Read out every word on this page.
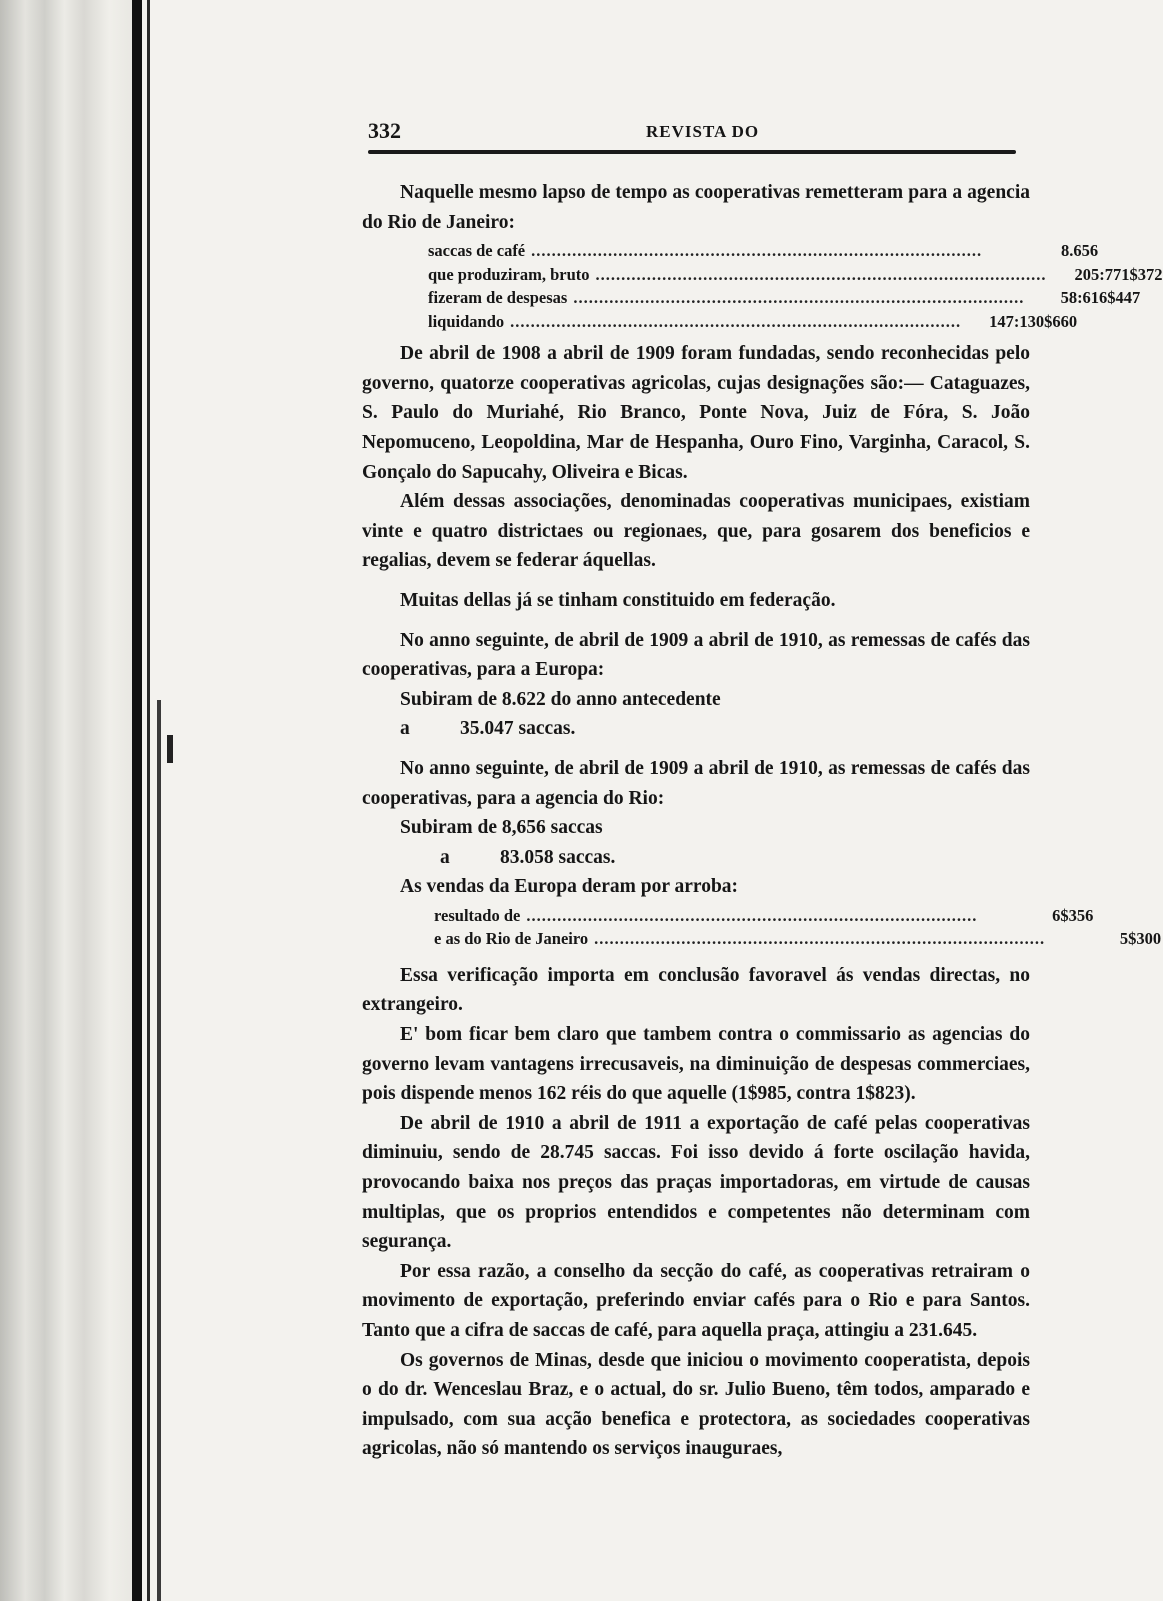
332	REVISTA DO

Naquelle mesmo lapso de tempo as cooperativas remetteram para a agencia do Rio de Janeiro:

saccas de café ........................................................................................	8.656
que produziram, bruto ........................................................................................	205:771$372
fizeram de despesas ........................................................................................	58:616$447
liquidando ........................................................................................	147:130$660

De abril de 1908 a abril de 1909 foram fundadas, sendo reconhecidas pelo governo, quatorze cooperativas agricolas, cujas designações são:— Cataguazes, S. Paulo do Muriahé, Rio Branco, Ponte Nova, Juiz de Fóra, S. João Nepomuceno, Leopoldina, Mar de Hespanha, Ouro Fino, Varginha, Caracol, S. Gonçalo do Sapucahy, Oliveira e Bicas.

Além dessas associações, denominadas cooperativas municipaes, existiam vinte e quatro districtaes ou regionaes, que, para gosarem dos beneficios e regalias, devem se federar áquellas.

Muitas dellas já se tinham constituido em federação.

No anno seguinte, de abril de 1909 a abril de 1910, as remessas de cafés das cooperativas, para a Europa:

Subiram de 8.622 do anno antecedente

a	35.047 saccas.

No anno seguinte, de abril de 1909 a abril de 1910, as remessas de cafés das cooperativas, para a agencia do Rio:

Subiram de 8,656 saccas

a	83.058 saccas.

As vendas da Europa deram por arroba:

resultado de ........................................................................................	6$356
e as do Rio de Janeiro ........................................................................................	5$300

Essa verificação importa em conclusão favoravel ás vendas directas, no extrangeiro.

E' bom ficar bem claro que tambem contra o commissario as agencias do governo levam vantagens irrecusaveis, na diminuição de despesas commerciaes, pois dispende menos 162 réis do que aquelle (1$985, contra 1$823).

De abril de 1910 a abril de 1911 a exportação de café pelas cooperativas diminuiu, sendo de 28.745 saccas. Foi isso devido á forte oscilação havida, provocando baixa nos preços das praças importadoras, em virtude de causas multiplas, que os proprios entendidos e competentes não determinam com segurança.

Por essa razão, a conselho da secção do café, as cooperativas retrairam o movimento de exportação, preferindo enviar cafés para o Rio e para Santos. Tanto que a cifra de saccas de café, para aquella praça, attingiu a 231.645.

Os governos de Minas, desde que iniciou o movimento cooperatista, depois o do dr. Wenceslau Braz, e o actual, do sr. Julio Bueno, têm todos, amparado e impulsado, com sua acção benefica e protectora, as sociedades cooperativas agricolas, não só mantendo os serviços inauguraes,
